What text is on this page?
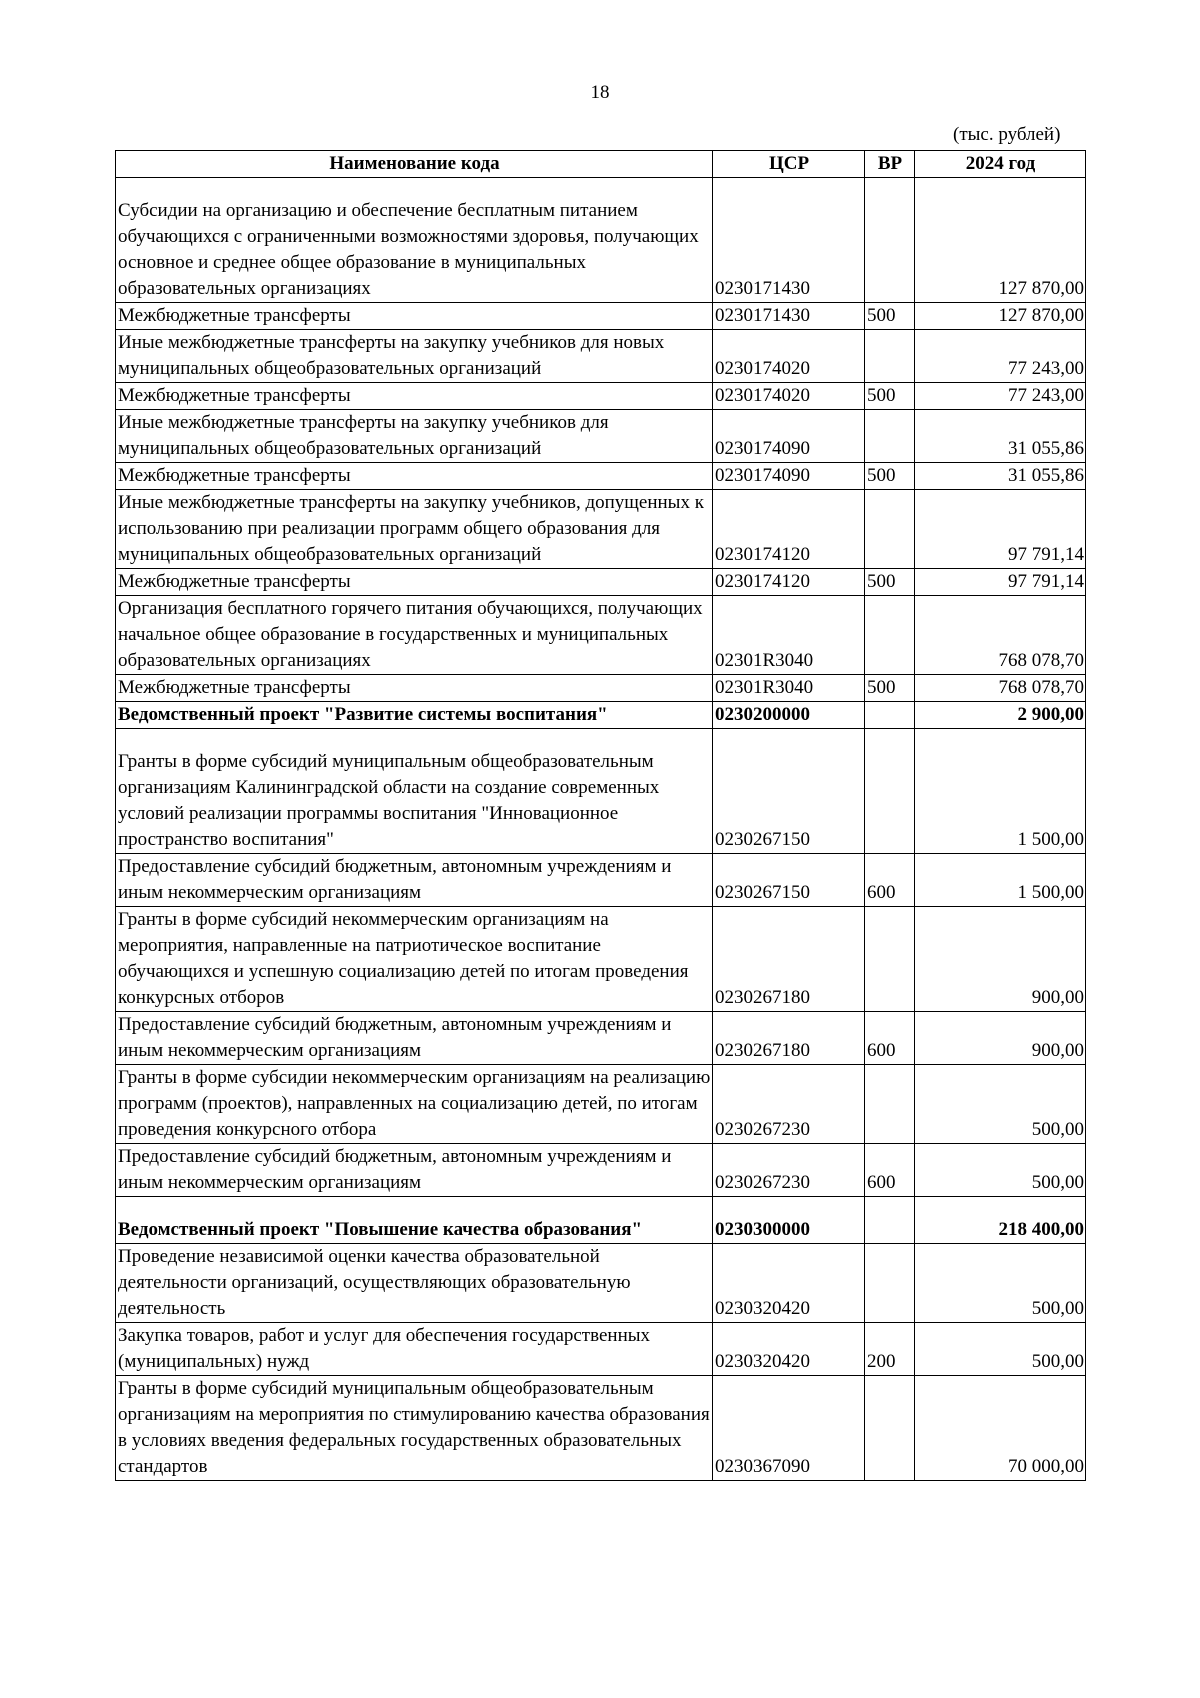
18
(тыс. рублей)
Наименование кода	ЦСР	ВР	2024 год
Субсидии на организацию и обеспечение бесплатным питанием обучающихся с ограниченными возможностями здоровья, получающих основное и среднее общее образование в муниципальных образовательных организациях	0230171430		127 870,00
Межбюджетные трансферты	0230171430	500	127 870,00
Иные межбюджетные трансферты на закупку учебников для новых муниципальных общеобразовательных организаций	0230174020		77 243,00
Межбюджетные трансферты	0230174020	500	77 243,00
Иные межбюджетные трансферты на закупку учебников для муниципальных общеобразовательных организаций	0230174090		31 055,86
Межбюджетные трансферты	0230174090	500	31 055,86
Иные межбюджетные трансферты на закупку учебников, допущенных к использованию при реализации программ общего образования для муниципальных общеобразовательных организаций	0230174120		97 791,14
Межбюджетные трансферты	0230174120	500	97 791,14
Организация бесплатного горячего питания обучающихся, получающих начальное общее образование в государственных и муниципальных образовательных организациях	02301R3040		768 078,70
Межбюджетные трансферты	02301R3040	500	768 078,70
Ведомственный проект "Развитие системы воспитания"	0230200000		2 900,00
Гранты в форме субсидий муниципальным общеобразовательным организациям Калининградской области на создание современных условий реализации программы воспитания "Инновационное пространство воспитания"	0230267150		1 500,00
Предоставление субсидий бюджетным, автономным учреждениям и иным некоммерческим организациям	0230267150	600	1 500,00
Гранты в форме субсидий некоммерческим организациям на мероприятия, направленные на патриотическое воспитание обучающихся и успешную социализацию детей по итогам проведения конкурсных отборов	0230267180		900,00
Предоставление субсидий бюджетным, автономным учреждениям и иным некоммерческим организациям	0230267180	600	900,00
Гранты в форме субсидии некоммерческим организациям на реализацию программ (проектов), направленных на социализацию детей, по итогам проведения конкурсного отбора	0230267230		500,00
Предоставление субсидий бюджетным, автономным учреждениям и иным некоммерческим организациям	0230267230	600	500,00
Ведомственный проект "Повышение качества образования"	0230300000		218 400,00
Проведение независимой оценки качества образовательной деятельности организаций, осуществляющих образовательную деятельность	0230320420		500,00
Закупка товаров, работ и услуг для обеспечения государственных (муниципальных) нужд	0230320420	200	500,00
Гранты в форме субсидий муниципальным общеобразовательным организациям на мероприятия по стимулированию качества образования в условиях введения федеральных государственных образовательных стандартов	0230367090		70 000,00
